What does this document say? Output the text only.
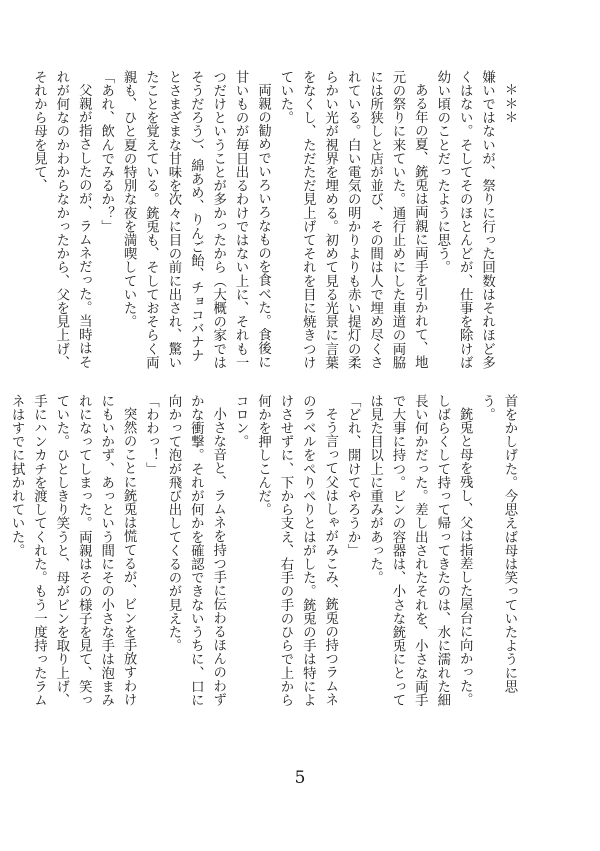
＊＊＊

嫌いではないが、祭りに行った回数はそれほど多くはない。そしてそのほとんどが、仕事を除けば幼い頃のことだったように思う。

ある年の夏、銃兎は両親に両手を引かれて、地元の祭りに来ていた。通行止めにした車道の両脇には所狭しと店が並び、その間は人で埋め尽くされている。白い電気の明かりよりも赤い提灯の柔らかい光が視界を埋める。初めて見る光景に言葉をなくし、ただただ見上げてそれを目に焼きつけていた。

両親の勧めでいろいろなものを食べた。食後に甘いものが毎日出るわけではない上に、それも一つだけということが多かったから（大概の家ではそうだろう）、綿あめ、りんご飴、チョコバナナとさまざまな甘味を次々に目の前に出され、驚いたことを覚えている。銃兎も、そしておそらく両親も、ひと夏の特別な夜を満喫していた。

「あれ、飲んでみるか？」

父親が指さしたのが、ラムネだった。当時はそれが何なのかわからなかったから、父を見上げ、それから母を見て、

首をかしげた。今思えば母は笑っていたように思う。

銃兎と母を残し、父は指差した屋台に向かった。しばらくして持って帰ってきたのは、水に濡れた細長い何かだった。差し出されたそれを、小さな両手で大事に持つ。ビンの容器は、小さな銃兎にとっては見た目以上に重みがあった。

「どれ、開けてやろうか」

そう言って父はしゃがみこみ、銃兎の持つラムネのラベルをぺりぺりとはがした。銃兎の手は特によけさせずに、下から支え、右手の手のひらで上から何かを押しこんだ。

コロン。

小さな音と、ラムネを持つ手に伝わるほんのわずかな衝撃。それが何かを確認できないうちに、口に向かって泡が飛び出してくるのが見えた。

「わわっ！」

突然のことに銃兎は慌てるが、ビンを手放すわけにもいかず、あっという間にその小さな手は泡まみれになってしまった。両親はその様子を見て、笑っていた。ひとしきり笑うと、母がビンを取り上げ、手にハンカチを渡してくれた。もう一度持ったラムネはすでに拭かれていた。

5
